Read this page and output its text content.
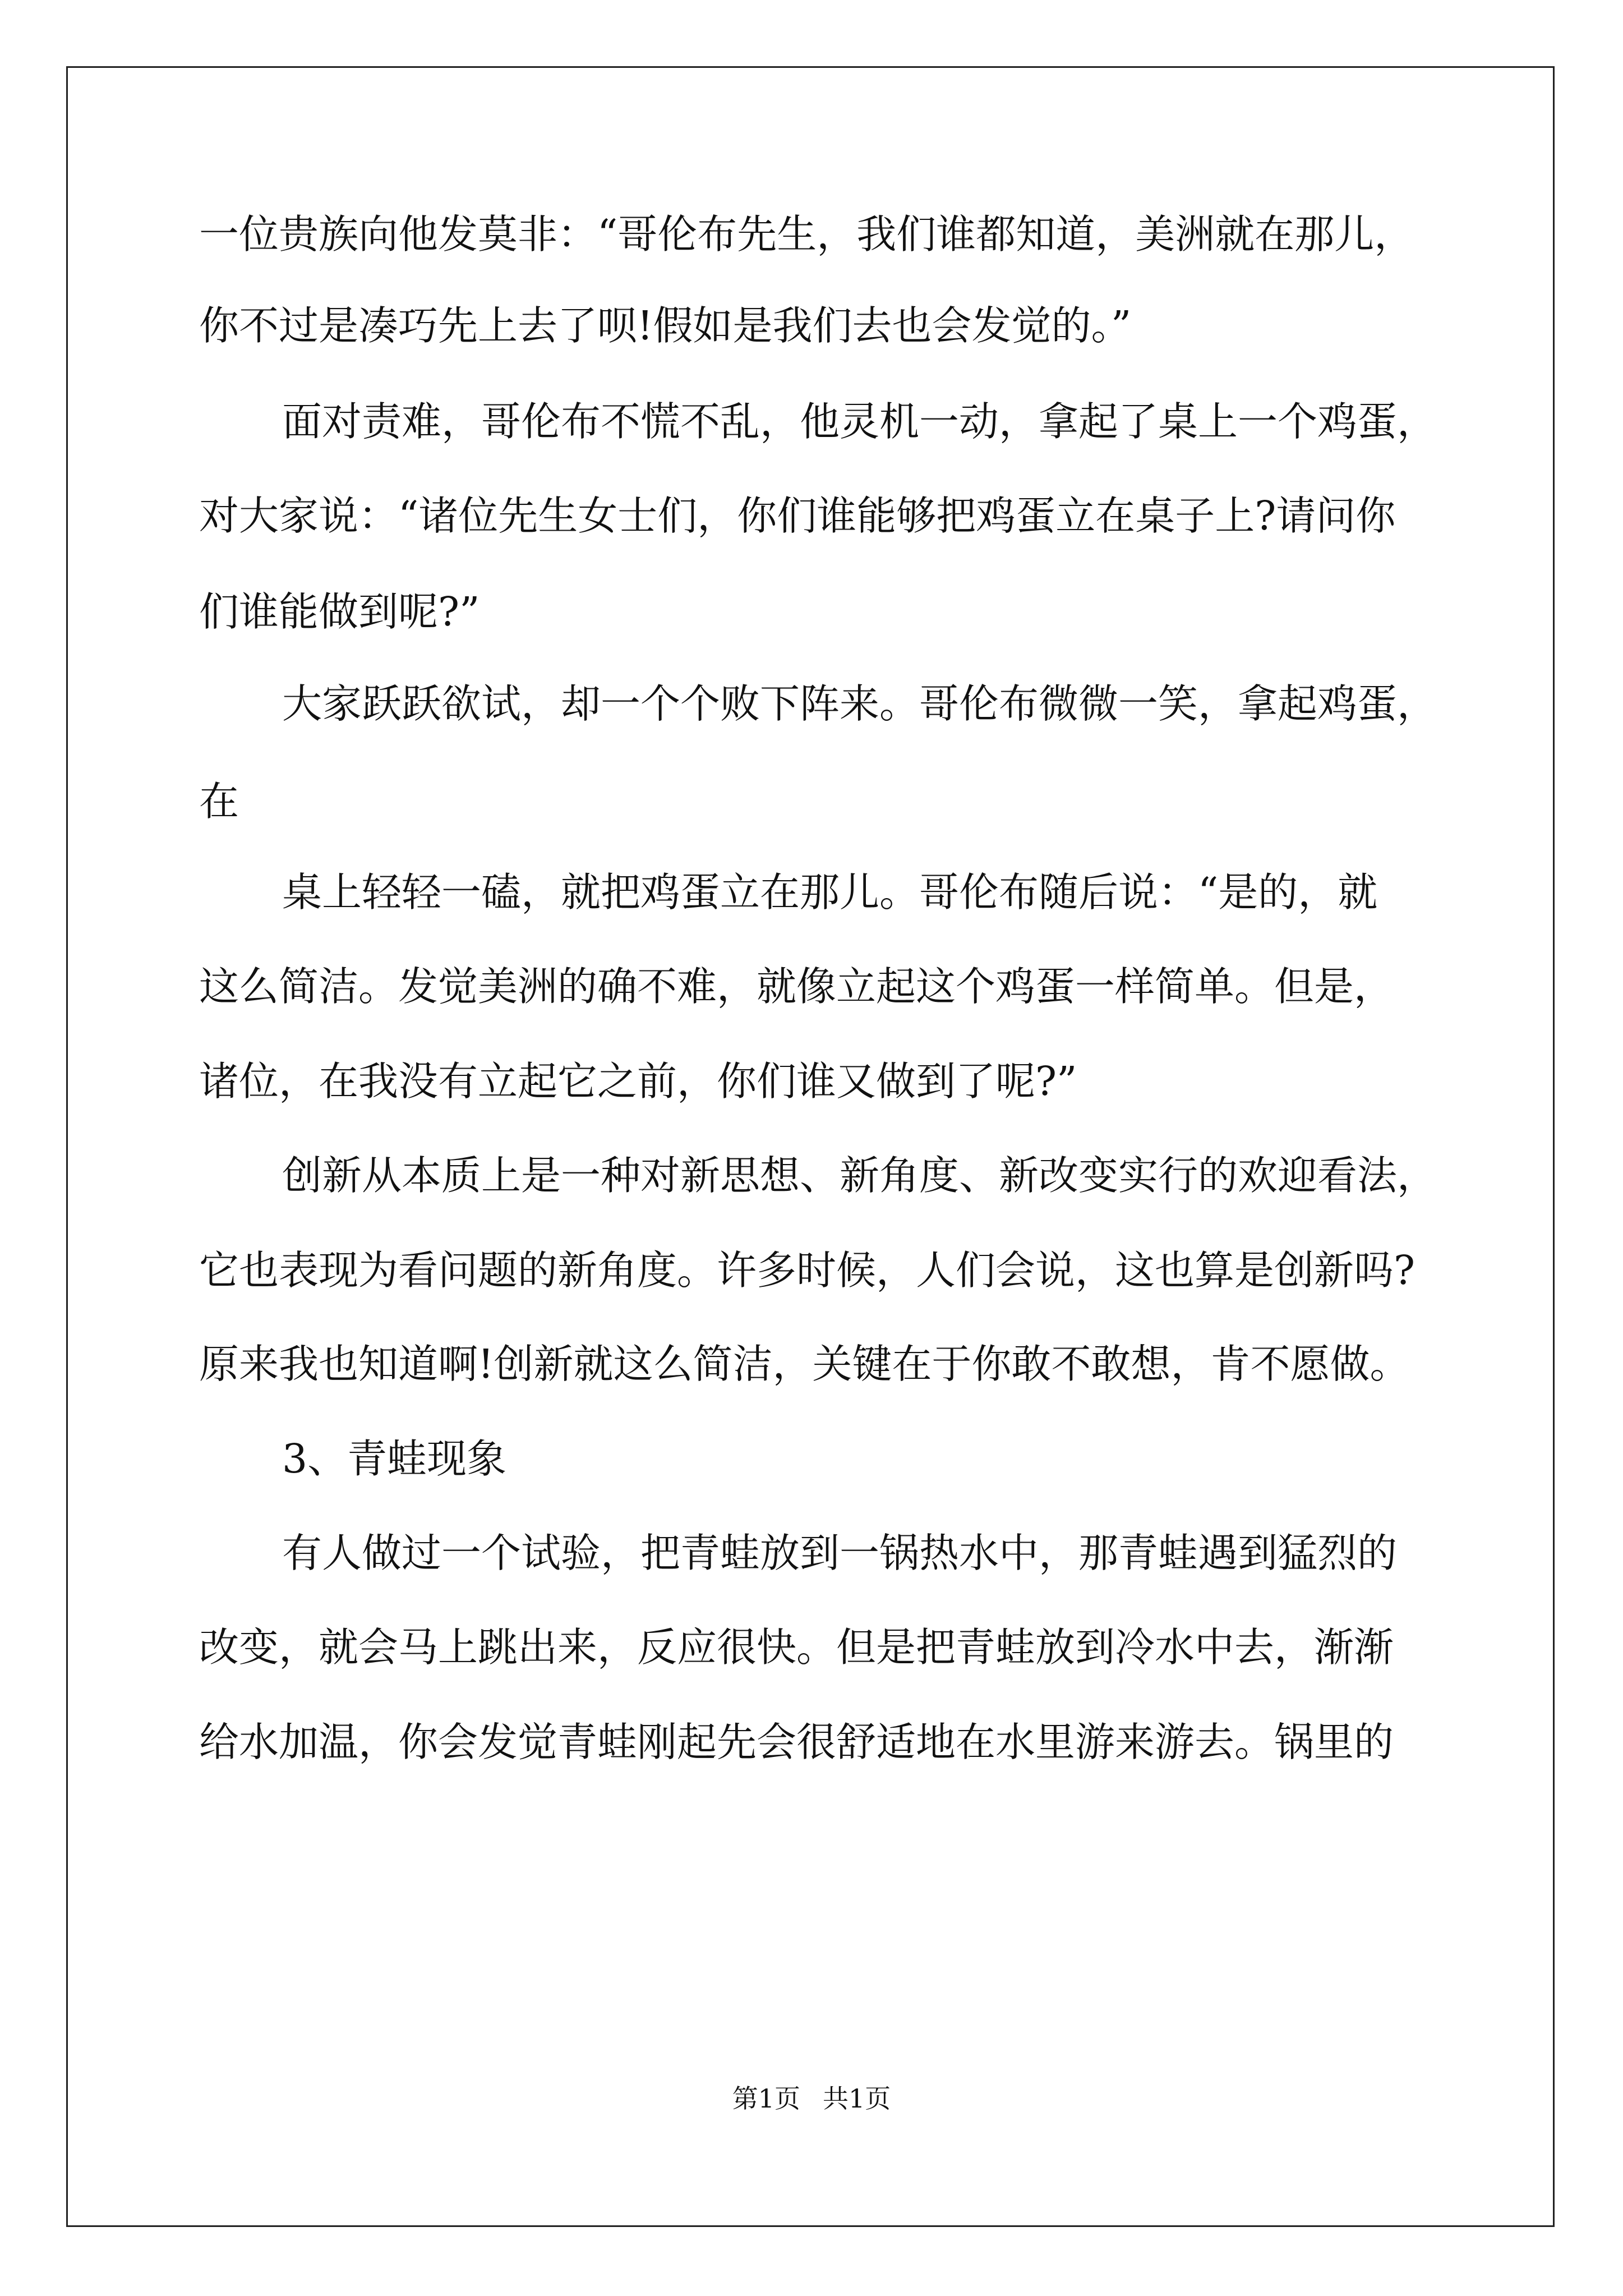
一位贵族向他发莫非：“哥伦布先生，我们谁都知道，美洲就在那儿，
你不过是凑巧先上去了呗!假如是我们去也会发觉的。”
面对责难，哥伦布不慌不乱，他灵机一动，拿起了桌上一个鸡蛋，
对大家说：“诸位先生女士们，你们谁能够把鸡蛋立在桌子上?请问你
们谁能做到呢?”
大家跃跃欲试，却一个个败下阵来。哥伦布微微一笑，拿起鸡蛋，
在
桌上轻轻一磕，就把鸡蛋立在那儿。哥伦布随后说：“是的，就
这么简洁。发觉美洲的确不难，就像立起这个鸡蛋一样简单。但是，
诸位，在我没有立起它之前，你们谁又做到了呢?”
创新从本质上是一种对新思想、新角度、新改变实行的欢迎看法，
它也表现为看问题的新角度。许多时候，人们会说，这也算是创新吗?
原来我也知道啊!创新就这么简洁，关键在于你敢不敢想，肯不愿做。
3、青蛙现象
有人做过一个试验，把青蛙放到一锅热水中，那青蛙遇到猛烈的
改变，就会马上跳出来，反应很快。但是把青蛙放到冷水中去，渐渐
给水加温，你会发觉青蛙刚起先会很舒适地在水里游来游去。锅里的
第1页 共1页
